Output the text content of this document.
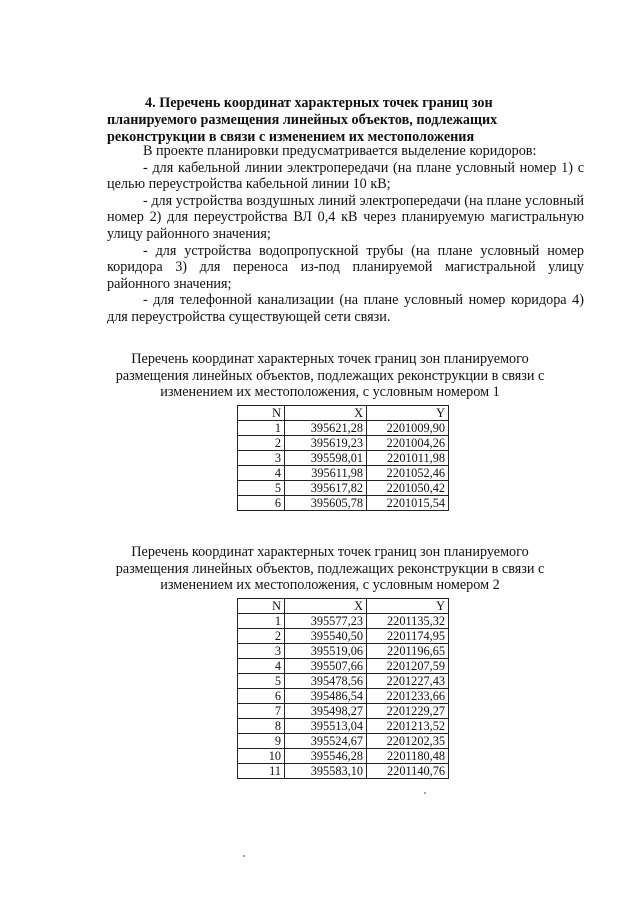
4. Перечень координат характерных точек границ зон
планируемого размещения линейных объектов, подлежащих
реконструкции в связи с изменением их местоположения

В проекте планировки предусматривается выделение коридоров:

- для кабельной линии электропередачи (на плане условный номер 1) с целью переустройства кабельной линии 10 кВ;

- для устройства воздушных линий электропередачи (на плане условный номер 2) для переустройства ВЛ 0,4 кВ через планируемую магистральную улицу районного значения;

- для устройства водопропускной трубы (на плане условный номер коридора 3) для переноса из-под планируемой магистральной улицу районного значения;

- для телефонной канализации (на плане условный номер коридора 4) для переустройства существующей сети связи.

Перечень координат характерных точек границ зон планируемого размещения линейных объектов, подлежащих реконструкции в связи с изменением их местоположения, с условным номером 1
N	X	Y
1	395621,28	2201009,90
2	395619,23	2201004,26
3	395598,01	2201011,98
4	395611,98	2201052,46
5	395617,82	2201050,42
6	395605,78	2201015,54
Перечень координат характерных точек границ зон планируемого размещения линейных объектов, подлежащих реконструкции в связи с изменением их местоположения, с условным номером 2
N	X	Y
1	395577,23	2201135,32
2	395540,50	2201174,95
3	395519,06	2201196,65
4	395507,66	2201207,59
5	395478,56	2201227,43
6	395486,54	2201233,66
7	395498,27	2201229,27
8	395513,04	2201213,52
9	395524,67	2201202,35
10	395546,28	2201180,48
11	395583,10	2201140,76
